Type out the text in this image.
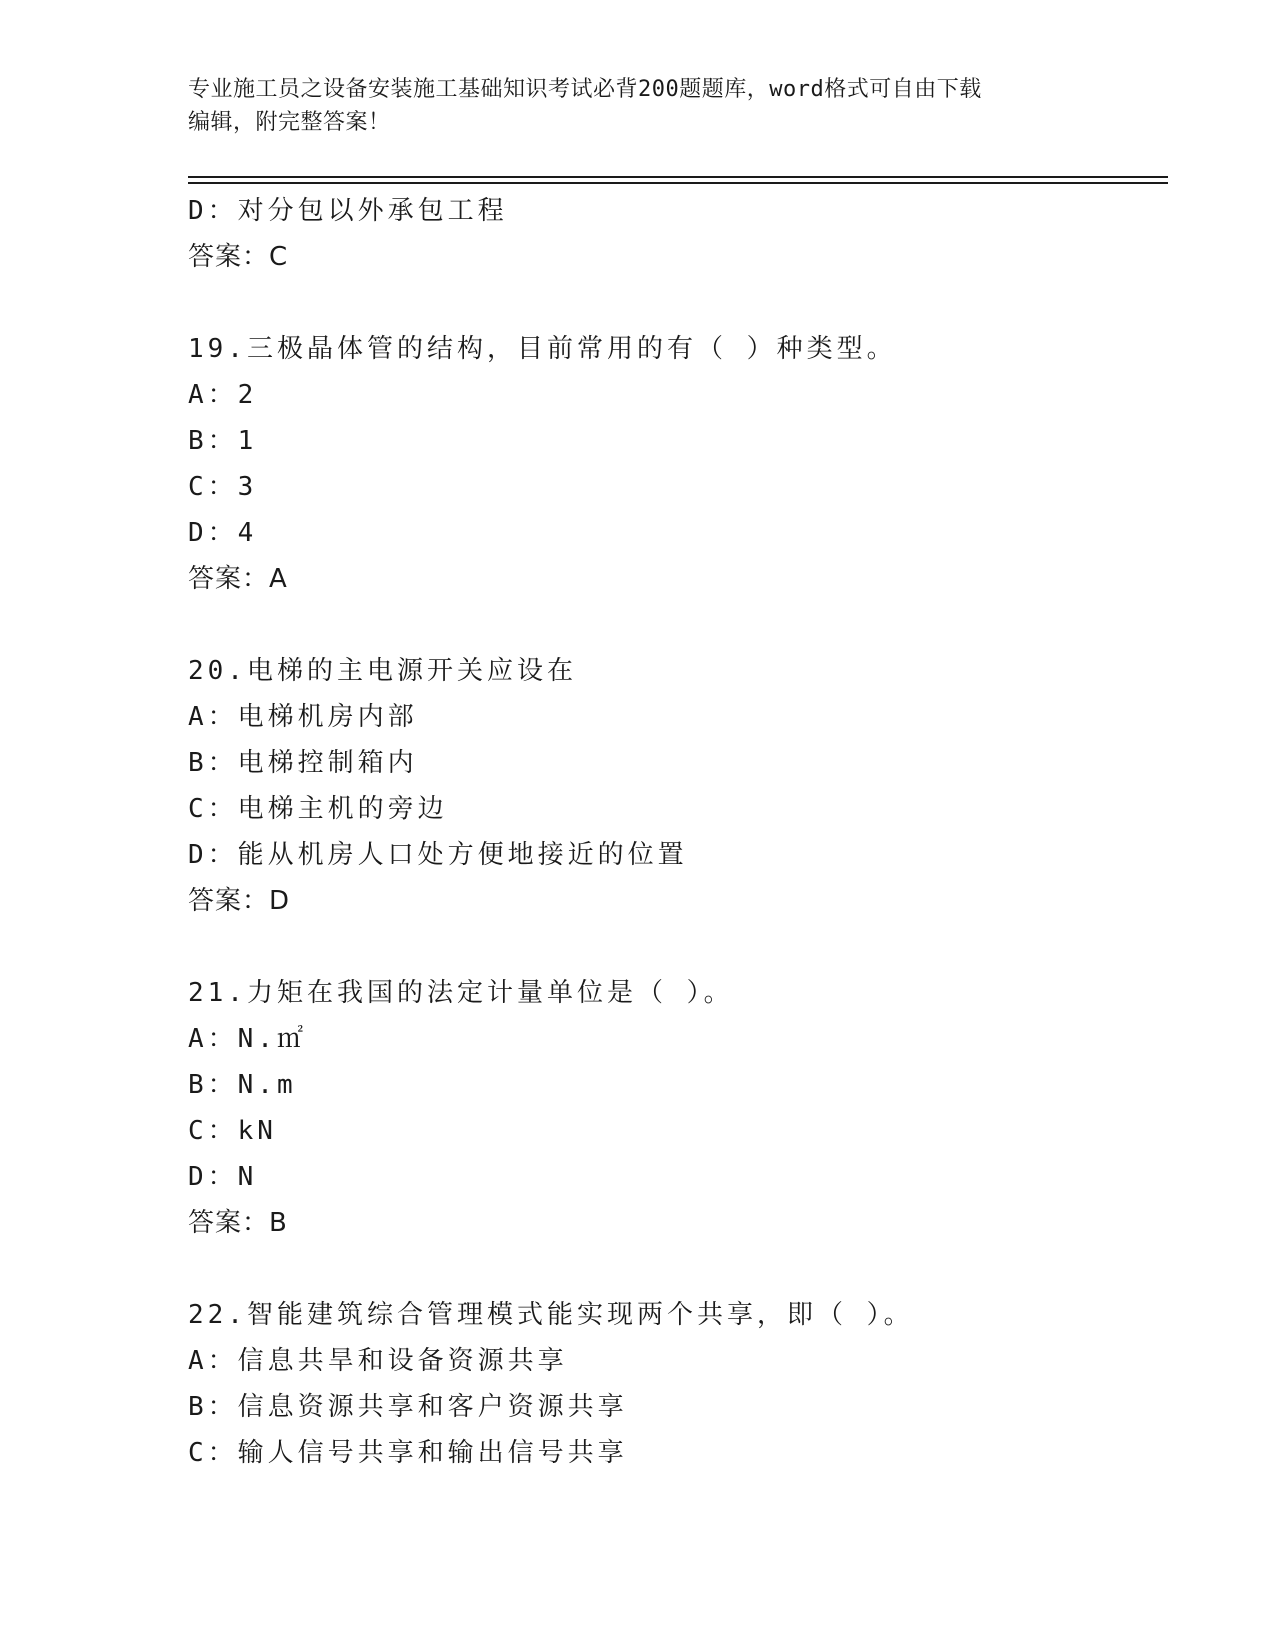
专业施工员之设备安装施工基础知识考试必背200题题库，word格式可自由下载
编辑，附完整答案！
D：对分包以外承包工程
答案：C
19.三极晶体管的结构，目前常用的有（ ）种类型。
A：2
B：1
C：3
D：4
答案：A
20.电梯的主电源开关应设在
A：电梯机房内部
B：电梯控制箱内
C：电梯主机的旁边
D：能从机房人口处方便地接近的位置
答案：D
21.力矩在我国的法定计量单位是（ ）。
A：N.㎡
B：N.m
C：kN
D：N
答案：B
22.智能建筑综合管理模式能实现两个共享，即（ ）。
A：信息共旱和设备资源共享
B：信息资源共享和客户资源共享
C：输人信号共享和输出信号共享
